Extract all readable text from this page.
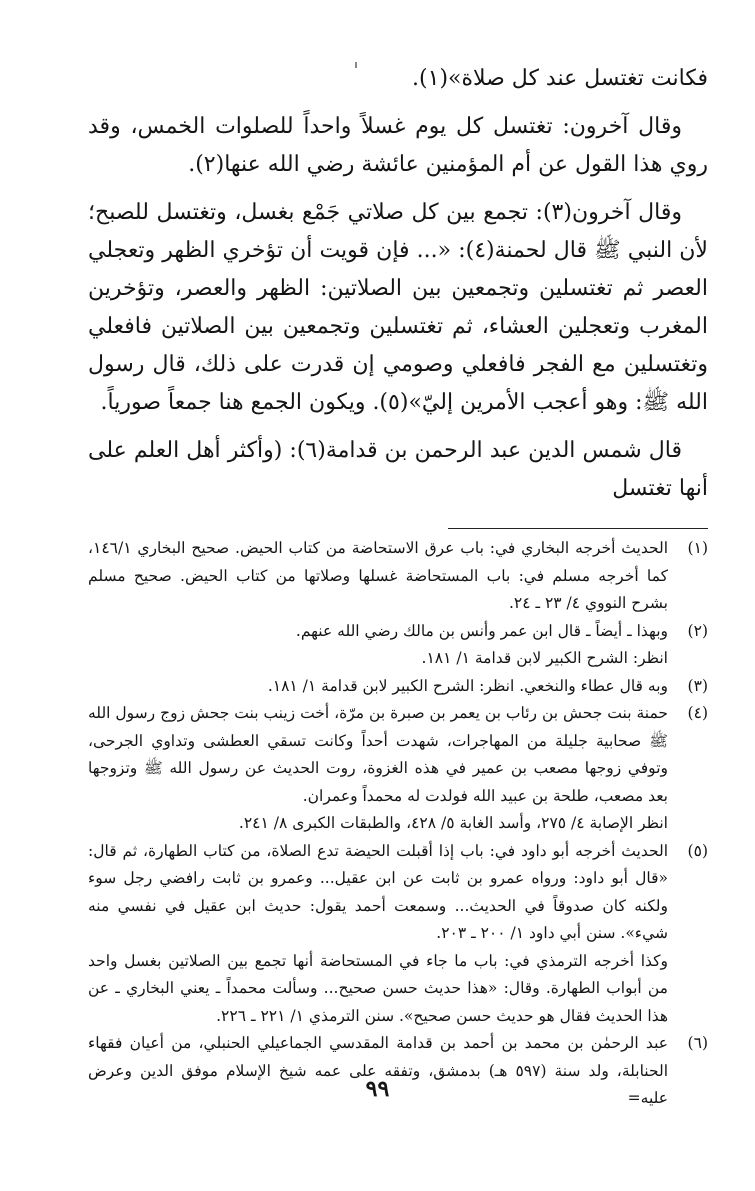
فكانت تغتسل عند كل صلاة»(١).

وقال آخرون: تغتسل كل يوم غسلاً واحداً للصلوات الخمس، وقد روي هذا القول عن أم المؤمنين عائشة رضي الله عنها(٢).

وقال آخرون(٣): تجمع بين كل صلاتي جَمْع بغسل، وتغتسل للصبح؛ لأن النبي ﷺ قال لحمنة(٤): «... فإن قويت أن تؤخري الظهر وتعجلي العصر ثم تغتسلين وتجمعين بين الصلاتين: الظهر والعصر، وتؤخرين المغرب وتعجلين العشاء، ثم تغتسلين وتجمعين بين الصلاتين فافعلي وتغتسلين مع الفجر فافعلي وصومي إن قدرت على ذلك، قال رسول الله ﷺ: وهو أعجب الأمرين إليّ»(٥). ويكون الجمع هنا جمعاً صورياً.

قال شمس الدين عبد الرحمن بن قدامة(٦): (وأكثر أهل العلم على أنها تغتسل

(١)
الحديث أخرجه البخاري في: باب عرق الاستحاضة من كتاب الحيض. صحيح البخاري ١٤٦/١، كما أخرجه مسلم في: باب المستحاضة غسلها وصلاتها من كتاب الحيض. صحيح مسلم بشرح النووي ٤/ ٢٣ ـ ٢٤.
(٢)
وبهذا ـ أيضاً ـ قال ابن عمر وأنس بن مالك رضي الله عنهم.
انظر: الشرح الكبير لابن قدامة ١/ ١٨١.
(٣)
وبه قال عطاء والنخعي. انظر: الشرح الكبير لابن قدامة ١/ ١٨١.
(٤)
حمنة بنت جحش بن رئاب بن يعمر بن صبرة بن مرّة، أخت زينب بنت جحش زوج رسول الله ﷺ صحابية جليلة من المهاجرات، شهدت أحداً وكانت تسقي العطشى وتداوي الجرحى، وتوفي زوجها مصعب بن عمير في هذه الغزوة، روت الحديث عن رسول الله ﷺ وتزوجها بعد مصعب، طلحة بن عبيد الله فولدت له محمداً وعمران.
انظر الإصابة ٤/ ٢٧٥، وأسد الغابة ٥/ ٤٢٨، والطبقات الكبرى ٨/ ٢٤١.
(٥)
الحديث أخرجه أبو داود في: باب إذا أقبلت الحيضة تدع الصلاة، من كتاب الطهارة، ثم قال: «قال أبو داود: ورواه عمرو بن ثابت عن ابن عقيل... وعمرو بن ثابت رافضي رجل سوء ولكنه كان صدوقاً في الحديث... وسمعت أحمد يقول: حديث ابن عقيل في نفسي منه شيء». سنن أبي داود ١/ ٢٠٠ ـ ٢٠٣.
وكذا أخرجه الترمذي في: باب ما جاء في المستحاضة أنها تجمع بين الصلاتين بغسل واحد من أبواب الطهارة. وقال: «هذا حديث حسن صحيح... وسألت محمداً ـ يعني البخاري ـ عن هذا الحديث فقال هو حديث حسن صحيح». سنن الترمذي ١/ ٢٢١ ـ ٢٢٦.
(٦)
عبد الرحمٰن بن محمد بن أحمد بن قدامة المقدسي الجماعيلي الحنبلي، من أعيان فقهاء الحنابلة، ولد سنة (٥٩٧ هـ) بدمشق، وتفقه على عمه شيخ الإسلام موفق الدين وعرض عليه=
٩٩
